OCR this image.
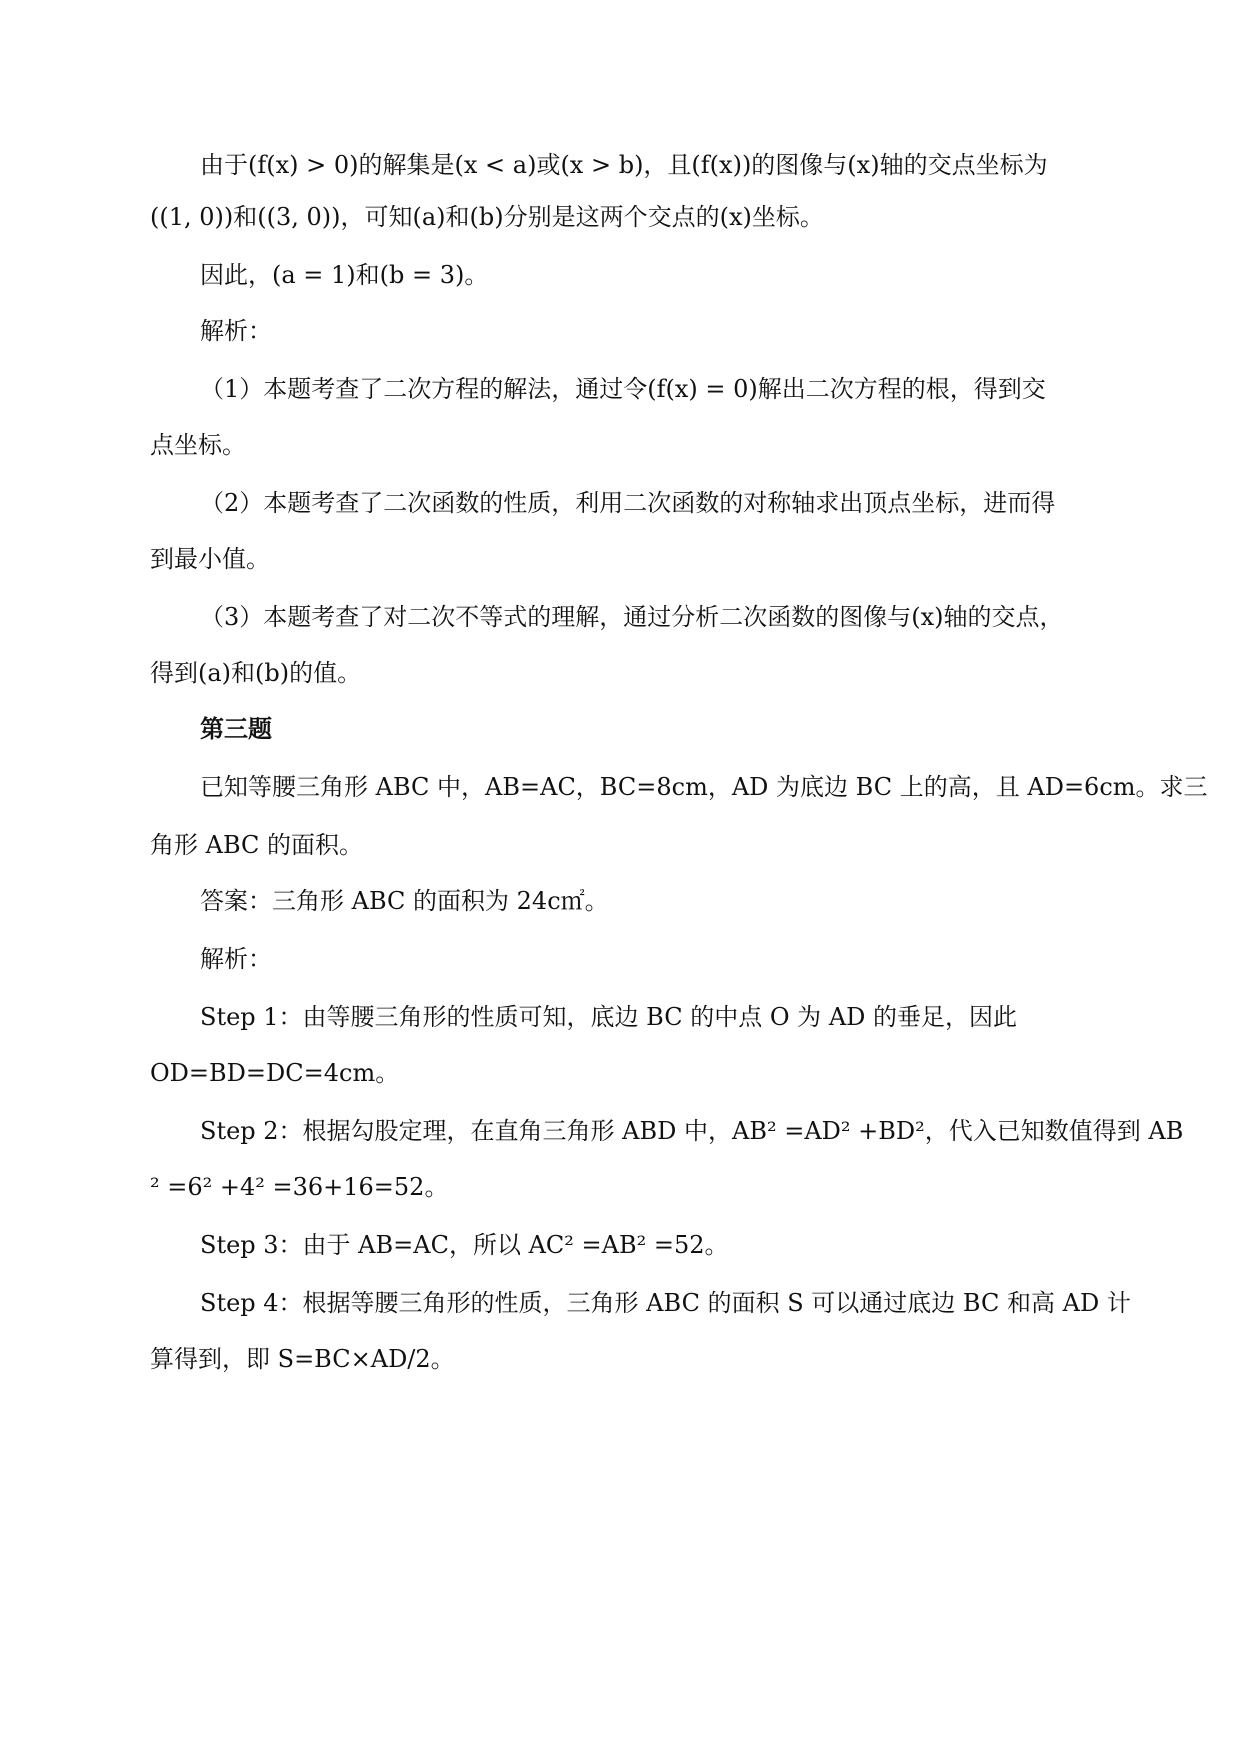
由于(f(x) > 0)的解集是(x < a)或(x > b)，且(f(x))的图像与(x)轴的交点坐标为
((1, 0))和((3, 0))，可知(a)和(b)分别是这两个交点的(x)坐标。
因此，(a = 1)和(b = 3)。
解析：
（1）本题考查了二次方程的解法，通过令(f(x) = 0)解出二次方程的根，得到交
点坐标。
（2）本题考查了二次函数的性质，利用二次函数的对称轴求出顶点坐标，进而得
到最小值。
（3）本题考查了对二次不等式的理解，通过分析二次函数的图像与(x)轴的交点，
得到(a)和(b)的值。
第三题
已知等腰三角形 ABC 中，AB=AC，BC=8cm，AD 为底边 BC 上的高，且 AD=6cm。求三
角形 ABC 的面积。
答案：三角形 ABC 的面积为 24c㎡。
解析：
Step 1：由等腰三角形的性质可知，底边 BC 的中点 O 为 AD 的垂足，因此
OD=BD=DC=4cm。
Step 2：根据勾股定理，在直角三角形 ABD 中，AB² =AD² +BD²，代入已知数值得到 AB
² =6² +4² =36+16=52。
Step 3：由于 AB=AC，所以 AC² =AB² =52。
Step 4：根据等腰三角形的性质，三角形 ABC 的面积 S 可以通过底边 BC 和高 AD 计
算得到，即 S=BC×AD/2。
